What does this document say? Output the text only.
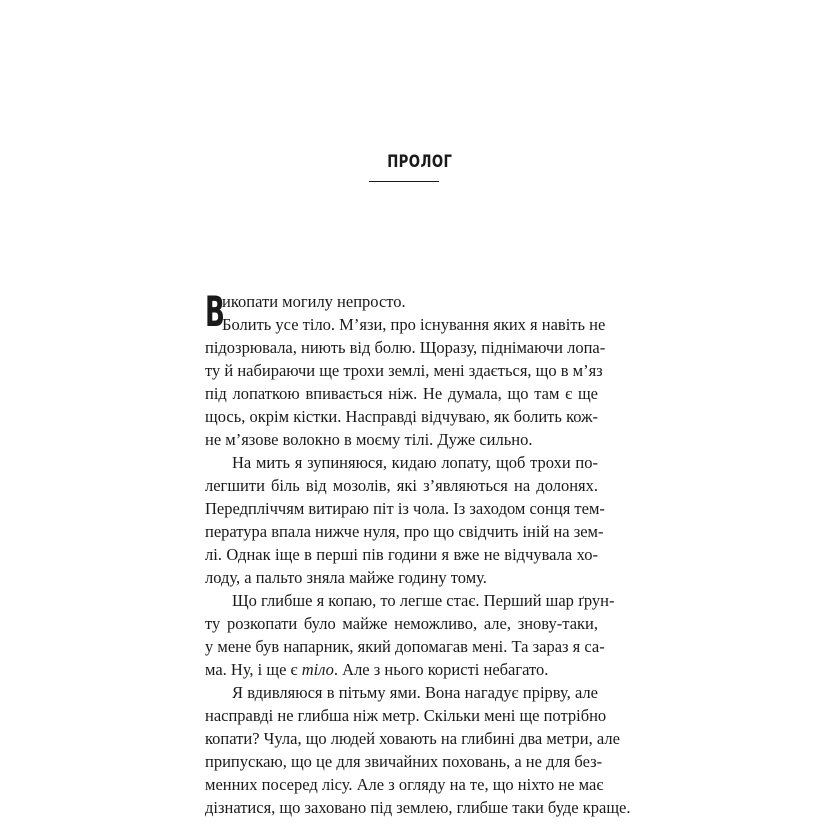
ПРОЛОГ
В
икопати могилу непросто.
Болить усе тіло. М’язи, про існування яких я навіть не
підозрювала, ниють від болю. Щоразу, піднімаючи лопа-
ту й набираючи ще трохи землі, мені здається, що в м’яз
під лопаткою впивається ніж. Не думала, що там є ще
щось, окрім кістки. Насправді відчуваю, як болить кож-
не м’язове волокно в моєму тілі. Дуже сильно.
На мить я зупиняюся, кидаю лопату, щоб трохи по-
легшити біль від мозолів, які з’являються на долонях.
Передпліччям витираю піт із чола. Із заходом сонця тем-
пература впала нижче нуля, про що свідчить іній на зем-
лі. Однак іще в перші пів години я вже не відчувала хо-
лоду, а пальто зняла майже годину тому.
Що глибше я копаю, то легше стає. Перший шар ґрун-
ту розкопати було майже неможливо, але, знову-таки,
у мене був напарник, який допомагав мені. Та зараз я са-
ма. Ну, і ще є тіло. Але з нього користі небагато.
Я вдивляюся в пітьму ями. Вона нагадує прірву, але
насправді не глибша ніж метр. Скільки мені ще потрібно
копати? Чула, що людей ховають на глибині два метри, але
припускаю, що це для звичайних поховань, а не для без-
менних посеред лісу. Але з огляду на те, що ніхто не має
дізнатися, що заховано під землею, глибше таки буде краще.
